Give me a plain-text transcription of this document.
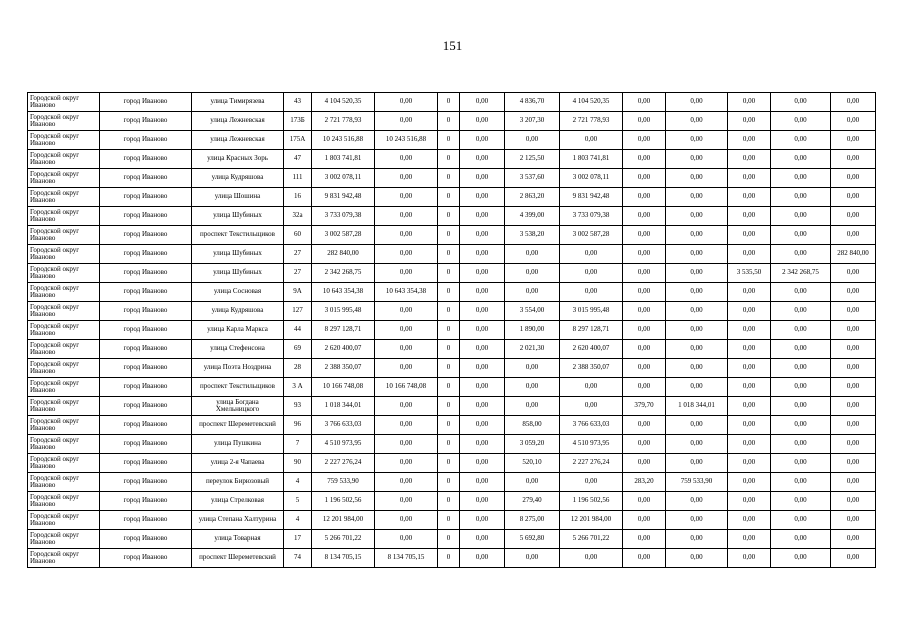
151
Городской округ Иваново	город Иваново	улица Тимирязева	43	4 104 520,35	0,00	0	0,00	4 836,70	4 104 520,35	0,00	0,00	0,00	0,00	0,00
Городской округ Иваново	город Иваново	улица Лежневская	173Б	2 721 778,93	0,00	0	0,00	3 207,30	2 721 778,93	0,00	0,00	0,00	0,00	0,00
Городской округ Иваново	город Иваново	улица Лежневская	175А	10 243 516,88	10 243 516,88	0	0,00	0,00	0,00	0,00	0,00	0,00	0,00	0,00
Городской округ Иваново	город Иваново	улица Красных Зорь	47	1 803 741,81	0,00	0	0,00	2 125,50	1 803 741,81	0,00	0,00	0,00	0,00	0,00
Городской округ Иваново	город Иваново	улица Кудряшова	111	3 002 078,11	0,00	0	0,00	3 537,60	3 002 078,11	0,00	0,00	0,00	0,00	0,00
Городской округ Иваново	город Иваново	улица Шошина	16	9 831 942,48	0,00	0	0,00	2 863,20	9 831 942,48	0,00	0,00	0,00	0,00	0,00
Городской округ Иваново	город Иваново	улица Шубиных	32а	3 733 079,38	0,00	0	0,00	4 399,00	3 733 079,38	0,00	0,00	0,00	0,00	0,00
Городской округ Иваново	город Иваново	проспект Текстильщиков	60	3 002 587,28	0,00	0	0,00	3 538,20	3 002 587,28	0,00	0,00	0,00	0,00	0,00
Городской округ Иваново	город Иваново	улица Шубиных	27	282 840,00	0,00	0	0,00	0,00	0,00	0,00	0,00	0,00	0,00	282 840,00
Городской округ Иваново	город Иваново	улица Шубиных	27	2 342 268,75	0,00	0	0,00	0,00	0,00	0,00	0,00	3 535,50	2 342 268,75	0,00
Городской округ Иваново	город Иваново	улица Сосновая	9А	10 643 354,38	10 643 354,38	0	0,00	0,00	0,00	0,00	0,00	0,00	0,00	0,00
Городской округ Иваново	город Иваново	улица Кудряшова	127	3 015 995,48	0,00	0	0,00	3 554,00	3 015 995,48	0,00	0,00	0,00	0,00	0,00
Городской округ Иваново	город Иваново	улица Карла Маркса	44	8 297 128,71	0,00	0	0,00	1 890,00	8 297 128,71	0,00	0,00	0,00	0,00	0,00
Городской округ Иваново	город Иваново	улица Стефенсона	69	2 620 400,07	0,00	0	0,00	2 021,30	2 620 400,07	0,00	0,00	0,00	0,00	0,00
Городской округ Иваново	город Иваново	улица Поэта Ноздрина	28	2 388 350,07	0,00	0	0,00	0,00	2 388 350,07	0,00	0,00	0,00	0,00	0,00
Городской округ Иваново	город Иваново	проспект Текстильщиков	3 А	10 166 748,08	10 166 748,08	0	0,00	0,00	0,00	0,00	0,00	0,00	0,00	0,00
Городской округ Иваново	город Иваново	улица Богдана Хмельницкого	93	1 018 344,01	0,00	0	0,00	0,00	0,00	379,70	1 018 344,01	0,00	0,00	0,00
Городской округ Иваново	город Иваново	проспект Шереметевский	96	3 766 633,03	0,00	0	0,00	858,00	3 766 633,03	0,00	0,00	0,00	0,00	0,00
Городской округ Иваново	город Иваново	улица Пушкина	7	4 510 973,95	0,00	0	0,00	3 059,20	4 510 973,95	0,00	0,00	0,00	0,00	0,00
Городской округ Иваново	город Иваново	улица 2-я Чапаева	90	2 227 276,24	0,00	0	0,00	520,10	2 227 276,24	0,00	0,00	0,00	0,00	0,00
Городской округ Иваново	город Иваново	переулок Бирюзовый	4	759 533,90	0,00	0	0,00	0,00	0,00	283,20	759 533,90	0,00	0,00	0,00
Городской округ Иваново	город Иваново	улица Стрелковая	5	1 196 502,56	0,00	0	0,00	279,40	1 196 502,56	0,00	0,00	0,00	0,00	0,00
Городской округ Иваново	город Иваново	улица Степана Халтурина	4	12 201 984,00	0,00	0	0,00	8 275,00	12 201 984,00	0,00	0,00	0,00	0,00	0,00
Городской округ Иваново	город Иваново	улица Товарная	17	5 266 701,22	0,00	0	0,00	5 692,80	5 266 701,22	0,00	0,00	0,00	0,00	0,00
Городской округ Иваново	город Иваново	проспект Шереметевский	74	8 134 705,15	8 134 705,15	0	0,00	0,00	0,00	0,00	0,00	0,00	0,00	0,00
